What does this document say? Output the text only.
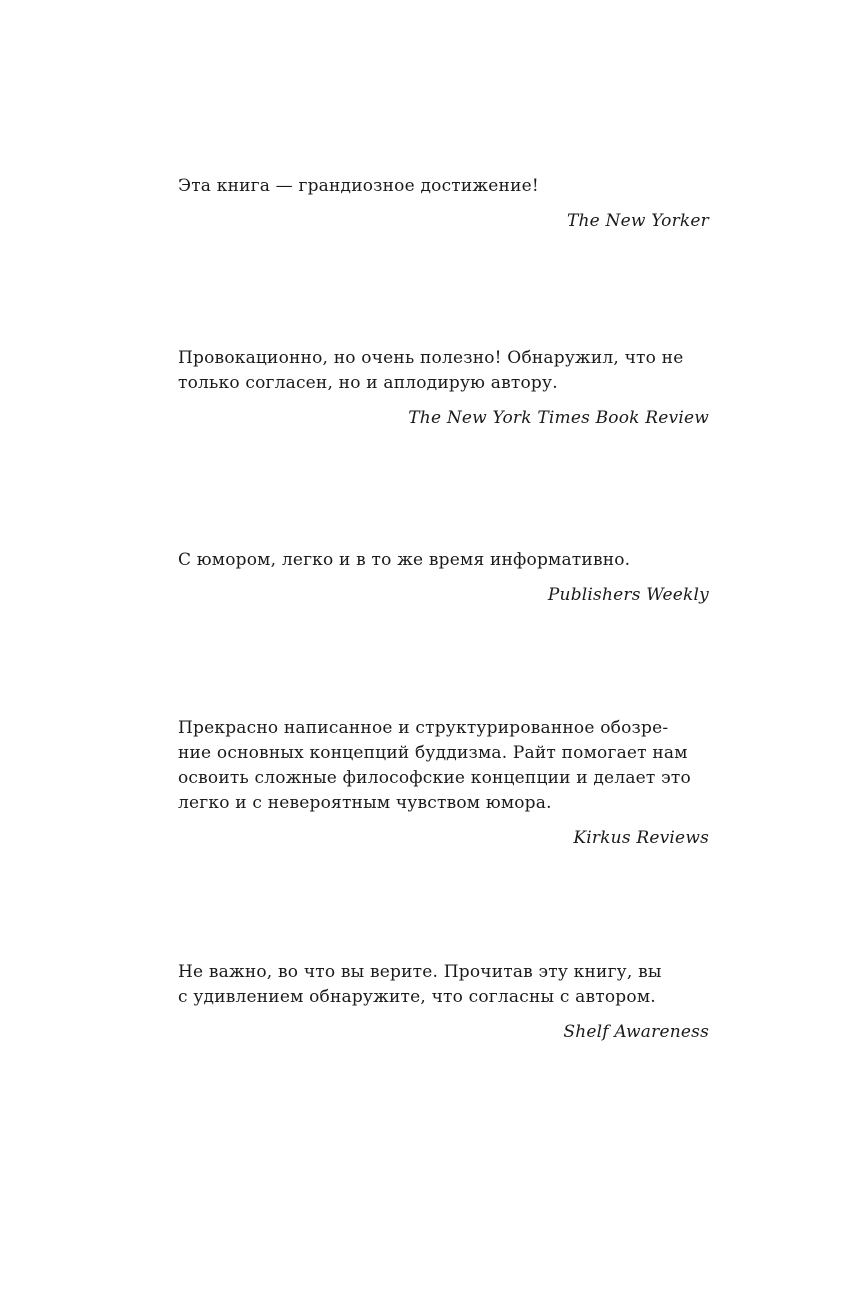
Эта книга — грандиозное достижение!
The New Yorker
Провокационно, но очень полезно! Обнаружил, что не
только согласен, но и аплодирую автору.
The New York Times Book Review
С юмором, легко и в то же время информативно.
Publishers Weekly
Прекрасно написанное и структурированное обозре-
ние основных концепций буддизма. Райт помогает нам
освоить сложные философские концепции и делает это
легко и с невероятным чувством юмора.
Kirkus Reviews
Не важно, во что вы верите. Прочитав эту книгу, вы
с удивлением обнаружите, что согласны с автором.
Shelf Awareness
